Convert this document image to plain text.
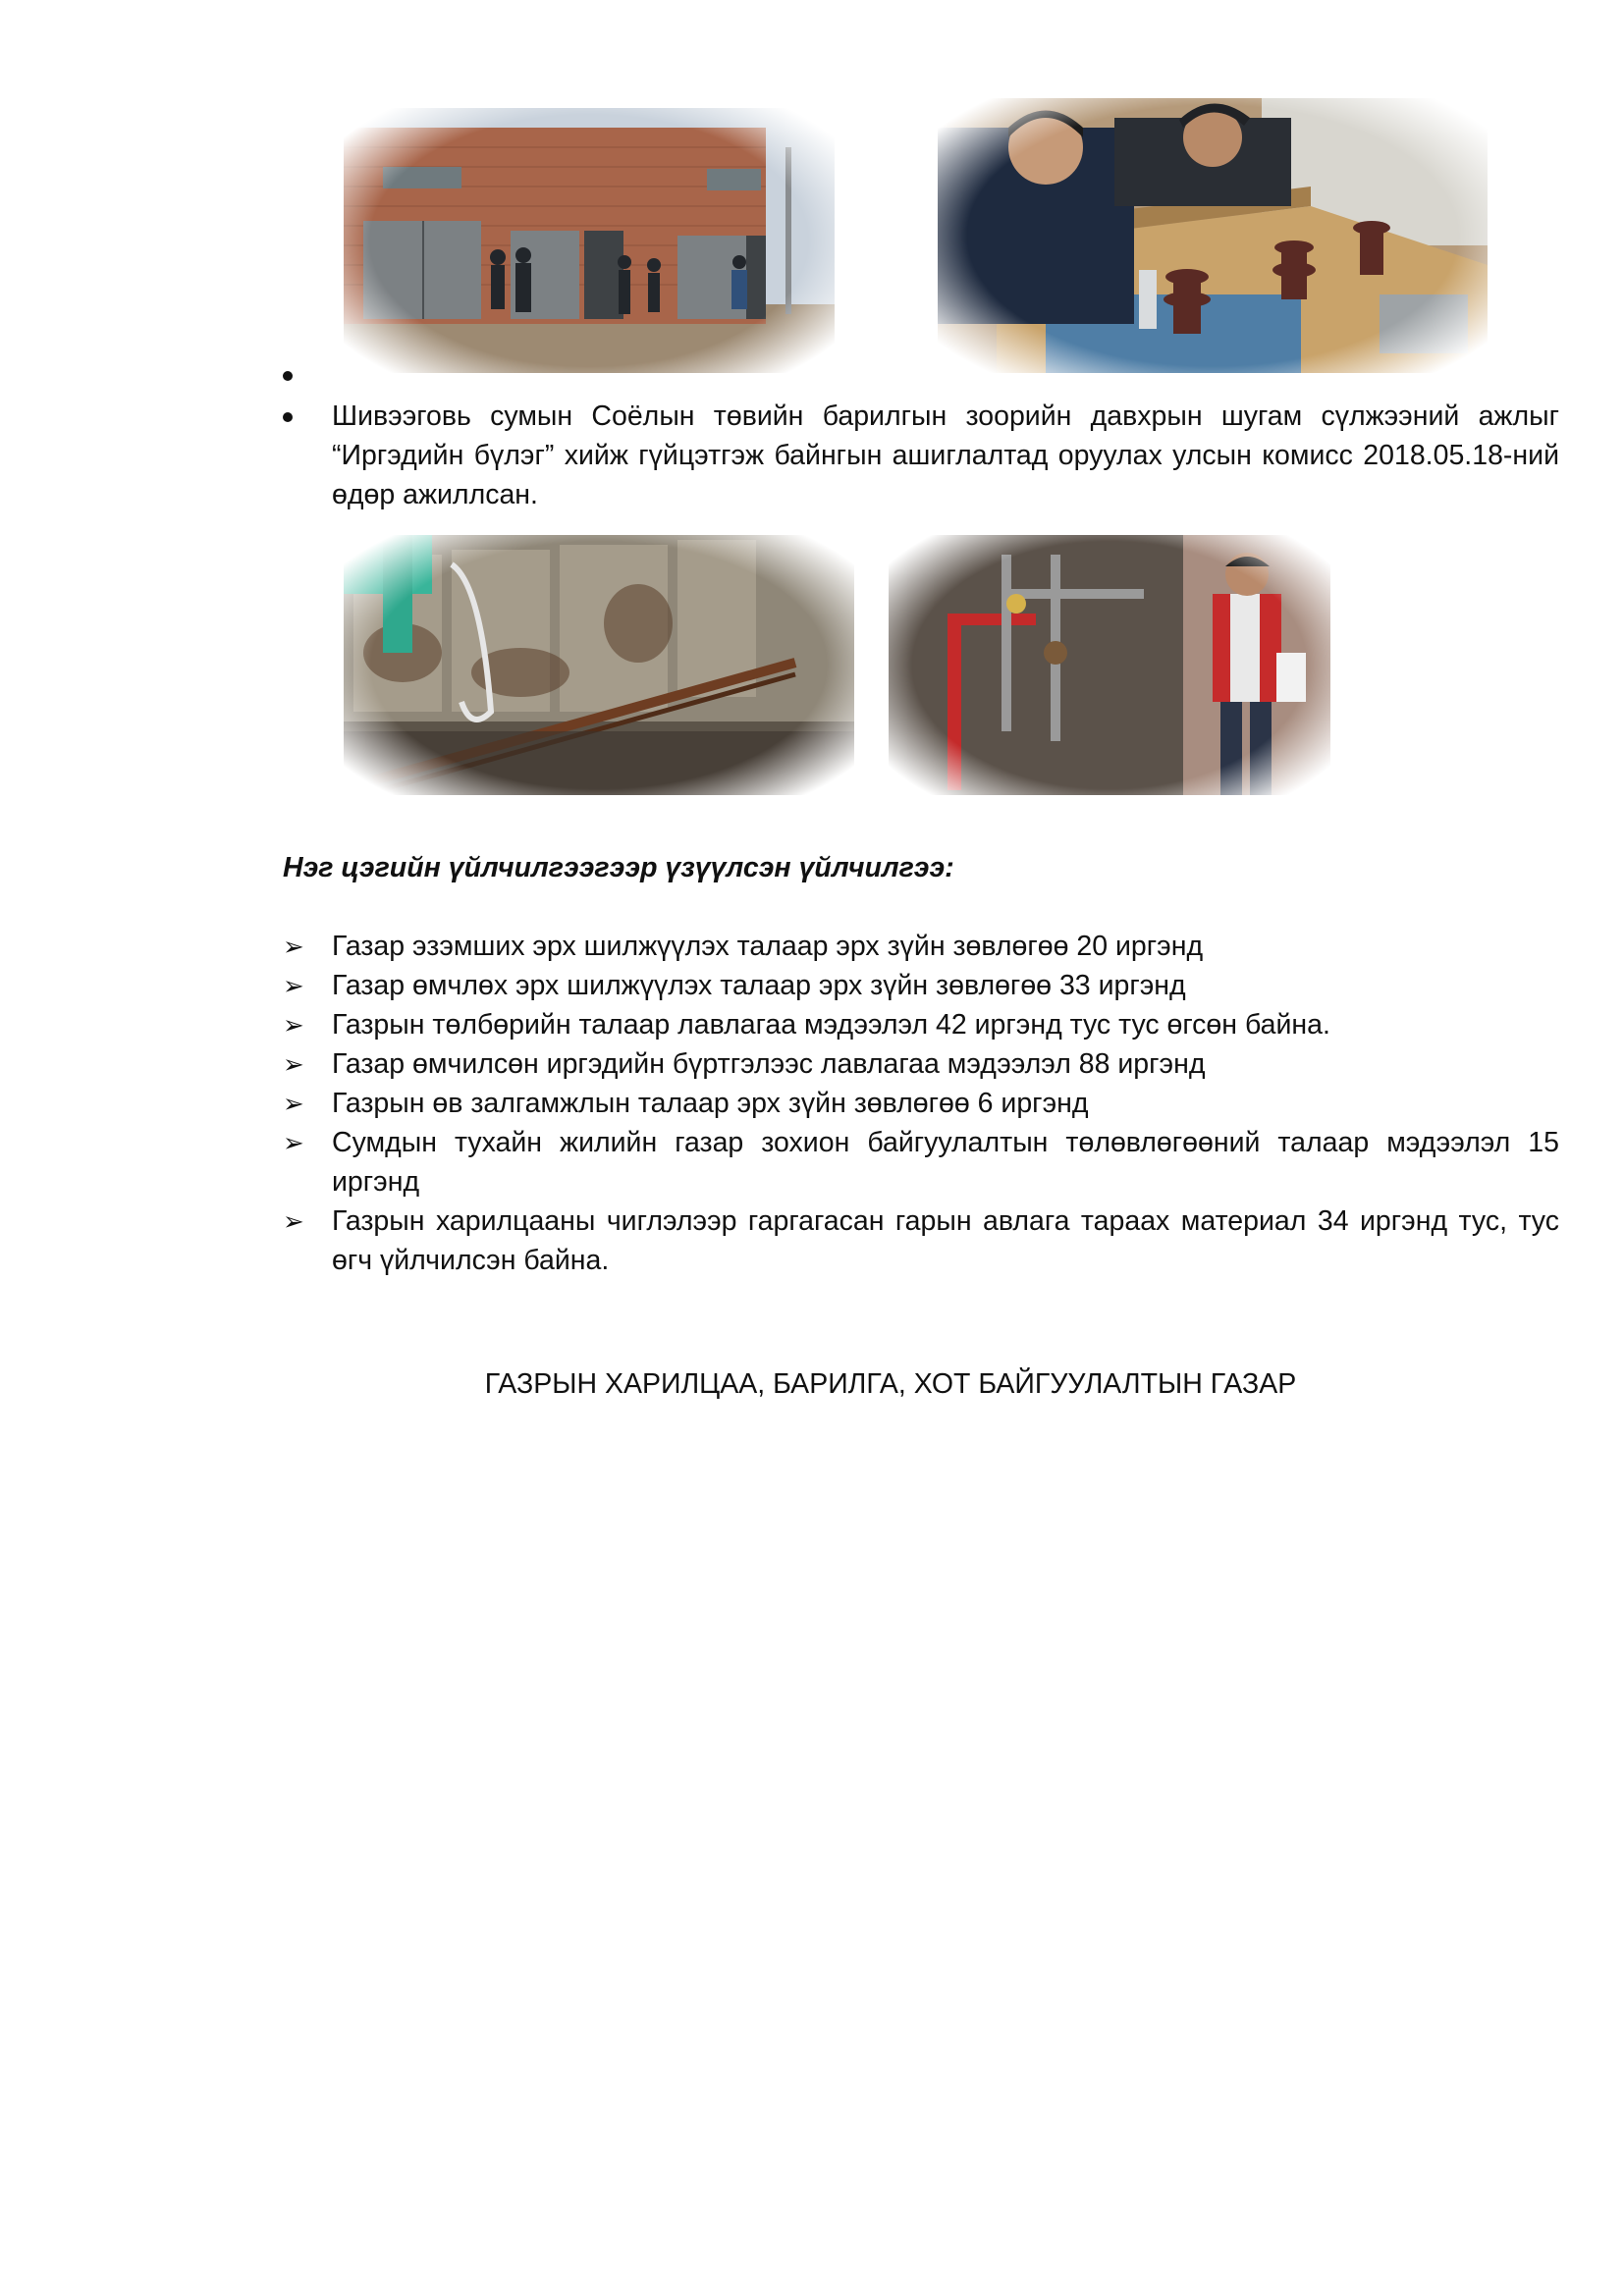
Шивээговь сумын Соёлын төвийн барилгын зоорийн давхрын шугам сүлжээний ажлыг “Иргэдийн бүлэг” хийж гүйцэтгэж байнгын ашиглалтад оруулах улсын комисс 2018.05.18-ний өдөр ажиллсан.
Нэг цэгийн үйлчилгээгээр үзүүлсэн үйлчилгээ:
➢ Газар эзэмших эрх шилжүүлэх талаар эрх зүйн зөвлөгөө 20 иргэнд
➢ Газар өмчлөх эрх шилжүүлэх талаар эрх зүйн зөвлөгөө 33 иргэнд
➢ Газрын төлбөрийн талаар лавлагаа мэдээлэл 42 иргэнд тус тус өгсөн байна.
➢ Газар өмчилсөн иргэдийн бүртгэлээс лавлагаа мэдээлэл 88 иргэнд
➢ Газрын өв залгамжлын талаар эрх зүйн зөвлөгөө 6 иргэнд
➢ Сумдын тухайн жилийн газар зохион байгуулалтын төлөвлөгөөний талаар мэдээлэл 15 иргэнд
➢ Газрын харилцааны чиглэлээр гаргагасан гарын авлага тараах материал 34 иргэнд тус, тус өгч үйлчилсэн байна.
ГАЗРЫН ХАРИЛЦАА, БАРИЛГА, ХОТ БАЙГУУЛАЛТЫН ГАЗАР
